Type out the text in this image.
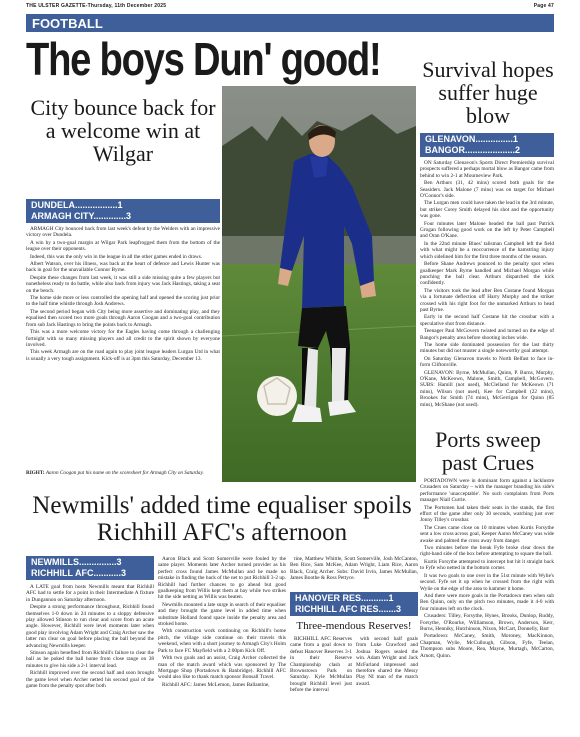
THE ULSTER GAZETTE-Thursday, 11th December 2025	Page 47
FOOTBALL
The boys Dun' good!
City bounce back for a welcome win at Wilgar
DUNDELA.................1
ARMAGH CITY.............3

ARMAGH City bounced back from last week's defeat by the Welders with an impressive victory over Dundela.

A win by a two-goal margin at Wilgar Park leapfrogged them from the bottom of the league over their opponents.

Indeed, this was the only win in the league in all the other games ended in draws.

Albert Watson, over his illness, was back at the heart of defence and Lewis Hunter was back in goal for the unavailable Connor Byrne.

Despite these changes from last week, it was still a side missing quite a few players but nonetheless ready to do battle, while also back from injury was Jack Hastings, taking a seat on the bench.

The home side more or less controlled the opening half and opened the scoring just prior to the half time whistle through Josh Andrews.

The second period began with City being more assertive and dominating play, and they equalised then scored two more goals through Aaron Coogan and a two-goal contribution from sub Jack Hastings to bring the points back to Armagh.

This was a more welcome victory for the Eagles having come through a challenging fortnight with so many missing players and all credit to the spirit shown by everyone involved.

This week Armagh are on the road again to play joint league leaders Lurgan Utd in what is usually a very tough assignment. Kick-off is at 3pm this Saturday, December 13.

RIGHT: Aaron Coogan put his name on the scoresheet for Armagh City on Saturday.
Survival hopes suffer huge blow
GLENAVON...............1
BANGOR....................2

ON Saturday Glenavon's Sports Direct Premiership survival prospects suffered a perhaps mortal blow as Bangor came from behind to win 2-1 at Mourneview Park.

Ben Arthurs (31, 42 mins) scored both goals for the Seasiders. Jack Malone (7 mins) was on target for Michael O'Connor's side.

The Lurgan men could have taken the lead in the 3rd minute, but striker Corey Smith delayed his shot and the opportunity was gone.

Four minutes later Malone headed the ball past Patrick Grogan following good work on the left by Peter Campbell and Oran O'Kane.

In the 22nd minute Blues' talisman Campbell left the field with what might be a reoccurrence of the hamstring injury which sidelined him for the first three months of the season.

Before Shane Andrews pounced to the penalty spot when goalkeeper Mark Byrne handled and Michael Morgan while punching the ball clear. Arthurs dispatched the kick confidently.

The visitors took the lead after Ben Costane found Morgan via a fortunate deflection off Harry Murphy and the striker crossed with his right foot for the unmarked Arthurs to head past Byrne.

Early in the second half Costane hit the crossbar with a speculative shot from distance.

Teenager Paul McGovern twisted and turned on the edge of Bangor's penalty area before shooting inches wide.

The home side dominated possession for the last thirty minutes but did not muster a single noteworthy goal attempt.

On Saturday Glenavon travels to North Belfast to face in-form Cliftonville.

GLENAVON: Byrne, McMullan, Quinn, P. Burns, Murphy, O'Kane, McKeown, Malone, Smith, Campbell, McGovern. SUBS: Hamill (not used), McClelland for McKeown (71 mins), Wilson (not used), Kee for Campbell (22 mins), Brookes for Smith (74 mins), McGerrigan for Quinn (85 mins), McShane (not used).

Ports sweep past Crues

PORTADOWN were in dominant form against a lacklustre Crusaders on Saturday – with the manager branding his side's performance 'unacceptable'. No such complaints from Ports manager Niall Currie.

The Portsmen had taken their seats in the stands, the first effort of the game after only 30 seconds, watching just over Jonny Tilley's crossbar.

The Crues came close on 10 minutes when Kurtis Forsythe sent a low cross across goal, Keeper Aaron McCaney was wide awake and palmed the cross away from danger.

Two minutes before the break Fyfe broke clear down the right-hand side of the box before attempting to square the ball.

Kurtis Forsythe attempted to intercept but hit it straight back to Fyfe who netted in the bottom corner.

It was two goals to one over in the 51st minute with Wylie's second. Fyfe set it up when he crossed from the right with Wylie on the edge of the area to hammer it home.

And there were more goals in the Portadown men when sub Ben Quinn, only on the pitch two minutes, made it 4-0 with four minutes left on the clock.

Crusaders: Tilley, Forsythe, Hynes, Brooks, Dunlop, Ruddy, Forsythe, O'Rourke, Williamson, Brown, Anderson, Kerr, Burns, Henniky, Hutchinson, Nixon, McCart, Donnelly, Barr

Portadown: McCaney, Smith, Moroney, MacKinnon, Chapman, Wylie, McCullough, Gibson, Fyfe, Teelan, Thompson subs Moore, Rea, Mayne, Murtagh, McCarton, Arnott, Quinn.

Newmills' added time equaliser spoils Richhill AFC's afternoon
NEWMILLS...............3
RICHHILL AFC...........3

A LATE goal from hosts Newmills meant that Richhill AFC had to settle for a point in their Intermediate A fixture in Dungannon on Saturday afternoon.

Despite a strong performance throughout, Richhill found themselves 1-0 down in 24 minutes to a sloppy defensive play allowed Stinson to run clear and score from an acute angle. However, Richhill were level moments later when good play involving Adam Wright and Craig Archer saw the latter run clear on goal before placing the ball beyond the advancing Newmills keeper.

Stinson again benefited from Richhill's failure to clear the ball as he poked the ball home from close range on 38 minutes to give his side a 2-1 interval lead.

Richhill improved over the second half and soon brought the game level when Archer netted his second goal of the game from the penalty spot after both

Aaron Black and Scott Somerville were fouled by the same player. Moments later Archer turned provider as his perfect cross found James McMullan and he made no mistake in finding the back of the net to put Richhill 3-2 up. Richhill had further chances to go ahead but good goalkeeping from Willis kept them at bay while two strikes hit the side netting as Willis was beaten.

Newmills mounted a late surge in search of their equaliser and they brought the game level in added time when substitute Holland found space inside the penalty area and stroked home.

With construction work continuing on Richhill's home pitch, the village side continue on their travels this weekend, when with a short journey to Armagh City's Holm Park to face FC Mayfield with a 2:00pm Kick Off.

With two goals and an assist, Craig Archer collected the man of the match award which was sponsored by The Mortgage Shop (Portadown & Banbridge). Richhill AFC would also like to thank match sponsor Bonsall Travel.

Richhill AFC: James McLemon, James Ballantine,

tine, Matthew Whittle, Scott Somerville, Josh McCanton, Ben Rice, Sam McKee, Adam Wright, Liam Rice, Aaron Black, Craig Archer. Subs: David Irvin, James McMullan, James Boothe & Ross Pettyce.

HANOVER RES...........1
RICHHILL AFC RES.......3
Three-mendous Reserves!

RICHHILL AFC Reserves came from a goal down to defeat Hanover Reserves 3-1 in their Reserve Championship clash at Brownstown Park on Saturday. Kyle McMullan brought Richhill level just before the interval

with second half goals from Luke Crawford and Joshua Rogers sealed the win. Adam Wright and Jack McFarland impressed and therefore shared the Messy Play NI man of the match award.
